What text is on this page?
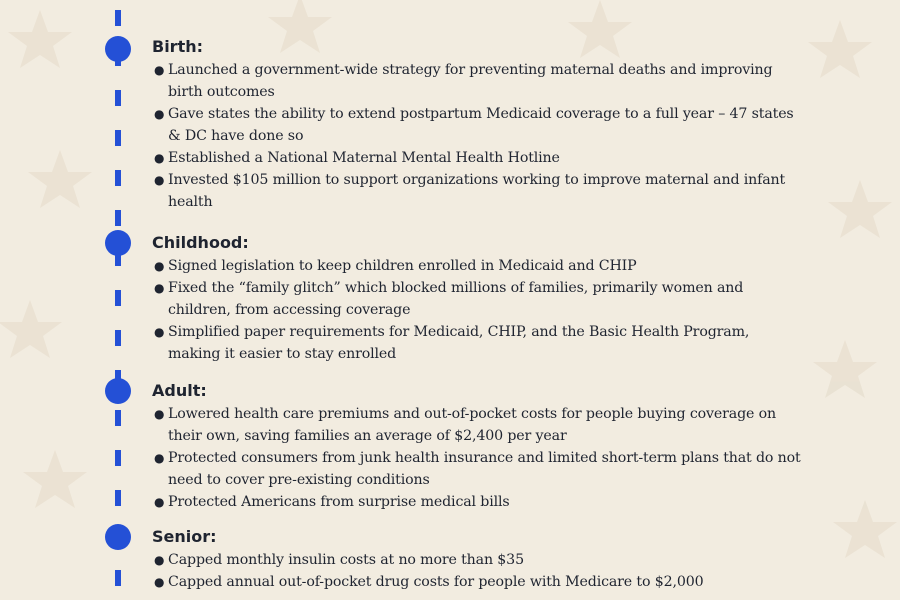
Birth:
● Launched a government-wide strategy for preventing maternal deaths and improving birth outcomes
● Gave states the ability to extend postpartum Medicaid coverage to a full year – 47 states & DC have done so
● Established a National Maternal Mental Health Hotline
● Invested $105 million to support organizations working to improve maternal and infant health
Childhood:
● Signed legislation to keep children enrolled in Medicaid and CHIP
● Fixed the “family glitch” which blocked millions of families, primarily women and children, from accessing coverage
● Simplified paper requirements for Medicaid, CHIP, and the Basic Health Program, making it easier to stay enrolled
Adult:
● Lowered health care premiums and out-of-pocket costs for people buying coverage on their own, saving families an average of $2,400 per year
● Protected consumers from junk health insurance and limited short-term plans that do not need to cover pre-existing conditions
● Protected Americans from surprise medical bills
Senior:
● Capped monthly insulin costs at no more than $35
● Capped annual out-of-pocket drug costs for people with Medicare to $2,000
